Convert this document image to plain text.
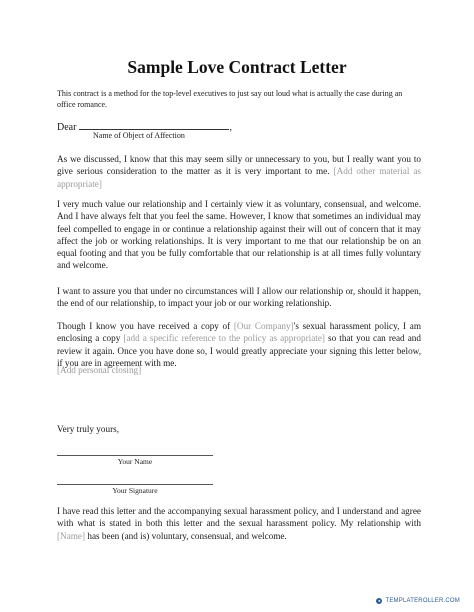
Sample Love Contract Letter
This contract is a method for the top-level executives to just say out loud what is actually the case during an office romance.
Dear	,
Name of Object of Affection
As we discussed, I know that this may seem silly or unnecessary to you, but I really want you to give serious consideration to the matter as it is very important to me. [Add other material as appropriate]
I very much value our relationship and I certainly view it as voluntary, consensual, and welcome. And I have always felt that you feel the same. However, I know that sometimes an individual may feel compelled to engage in or continue a relationship against their will out of concern that it may affect the job or working relationships. It is very important to me that our relationship be on an equal footing and that you be fully comfortable that our relationship is at all times fully voluntary and welcome.
I want to assure you that under no circumstances will I allow our relationship or, should it happen, the end of our relationship, to impact your job or our working relationship.
Though I know you have received a copy of [Our Company]'s sexual harassment policy, I am enclosing a copy [add a specific reference to the policy as appropriate] so that you can read and review it again. Once you have done so, I would greatly appreciate your signing this letter below, if you are in agreement with me.
[Add personal closing]
Very truly yours,
Your Name
Your Signature
I have read this letter and the accompanying sexual harassment policy, and I understand and agree with what is stated in both this letter and the sexual harassment policy. My relationship with [Name] has been (and is) voluntary, consensual, and welcome.
● TEMPLATEROLLER.COM
